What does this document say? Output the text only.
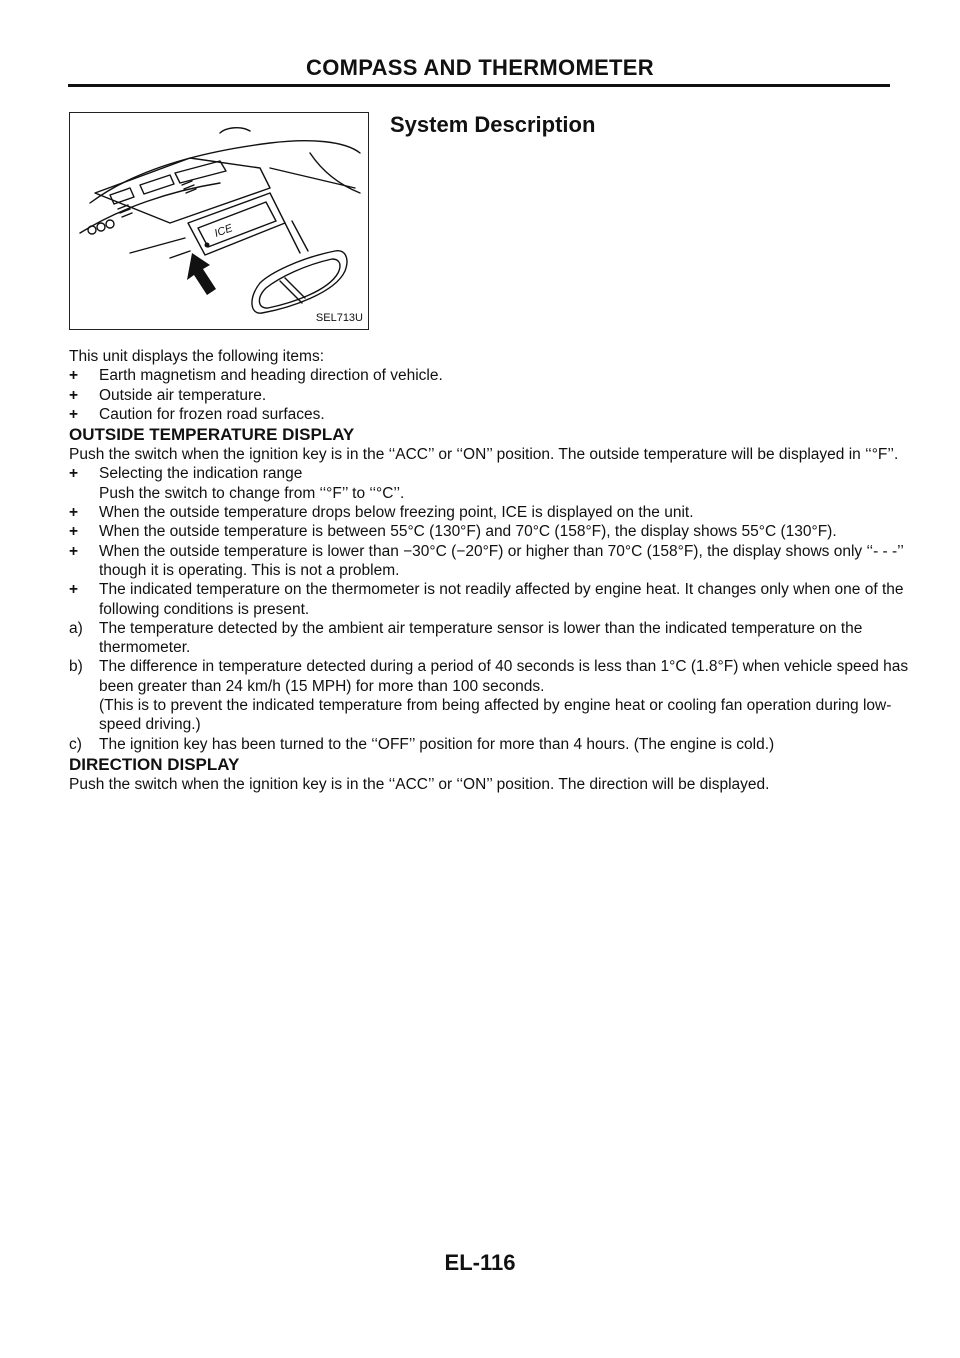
COMPASS AND THERMOMETER
ICE
SEL713U
System Description

This unit displays the following items:

+ Earth magnetism and heading direction of vehicle.

+ Outside air temperature.

+ Caution for frozen road surfaces.

OUTSIDE TEMPERATURE DISPLAY

Push the switch when the ignition key is in the ‘‘ACC’’ or ‘‘ON’’ position. The outside temperature will be displayed in ‘‘°F’’.

+ Selecting the indication range

Push the switch to change from ‘‘°F’’ to ‘‘°C’’.

+ When the outside temperature drops below freezing point, ICE is displayed on the unit.

+ When the outside temperature is between 55°C (130°F) and 70°C (158°F), the display shows 55°C (130°F).

+ When the outside temperature is lower than −30°C (−20°F) or higher than 70°C (158°F), the display shows only ‘‘- - -’’ though it is operating. This is not a problem.

+ The indicated temperature on the thermometer is not readily affected by engine heat. It changes only when one of the following conditions is present.

a) The temperature detected by the ambient air temperature sensor is lower than the indicated temperature on the thermometer.

b) The difference in temperature detected during a period of 40 seconds is less than 1°C (1.8°F) when vehicle speed has been greater than 24 km/h (15 MPH) for more than 100 seconds.

(This is to prevent the indicated temperature from being affected by engine heat or cooling fan operation during low-speed driving.)

c) The ignition key has been turned to the ‘‘OFF’’ position for more than 4 hours. (The engine is cold.)

DIRECTION DISPLAY

Push the switch when the ignition key is in the ‘‘ACC’’ or ‘‘ON’’ position. The direction will be displayed.

EL-116
